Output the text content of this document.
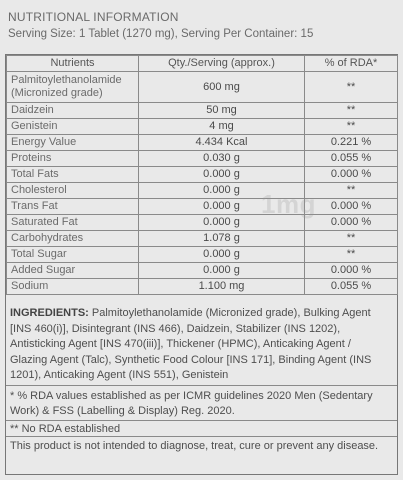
NUTRITIONAL INFORMATION
Serving Size: 1 Tablet (1270 mg), Serving Per Container: 15
Nutrients	Qty./Serving (approx.)	% of RDA*
Palmitoylethanolamide (Micronized grade)	600 mg	**
Daidzein	50 mg	**
Genistein	4 mg	**
Energy Value	4.434 Kcal	0.221 %
Proteins	0.030 g	0.055 %
Total Fats	0.000 g	0.000 %
Cholesterol	0.000 g	**
Trans Fat	0.000 g	0.000 %
Saturated Fat	0.000 g	0.000 %
Carbohydrates	1.078 g	**
Total Sugar	0.000 g	**
Added Sugar	0.000 g	0.000 %
Sodium	1.100 mg	0.055 %
1mg
INGREDIENTS: Palmitoylethanolamide (Micronized grade), Bulking Agent [INS 460(i)], Disintegrant (INS 466), Daidzein, Stabilizer (INS 1202), Antisticking Agent [INS 470(iii)], Thickener (HPMC), Anticaking Agent / Glazing Agent (Talc), Synthetic Food Colour [INS 171], Binding Agent (INS 1201), Anticaking Agent (INS 551), Genistein
* % RDA values established as per ICMR guidelines 2020 Men (Sedentary Work) & FSS (Labelling & Display) Reg. 2020.
** No RDA established
This product is not intended to diagnose, treat, cure or prevent any disease.
